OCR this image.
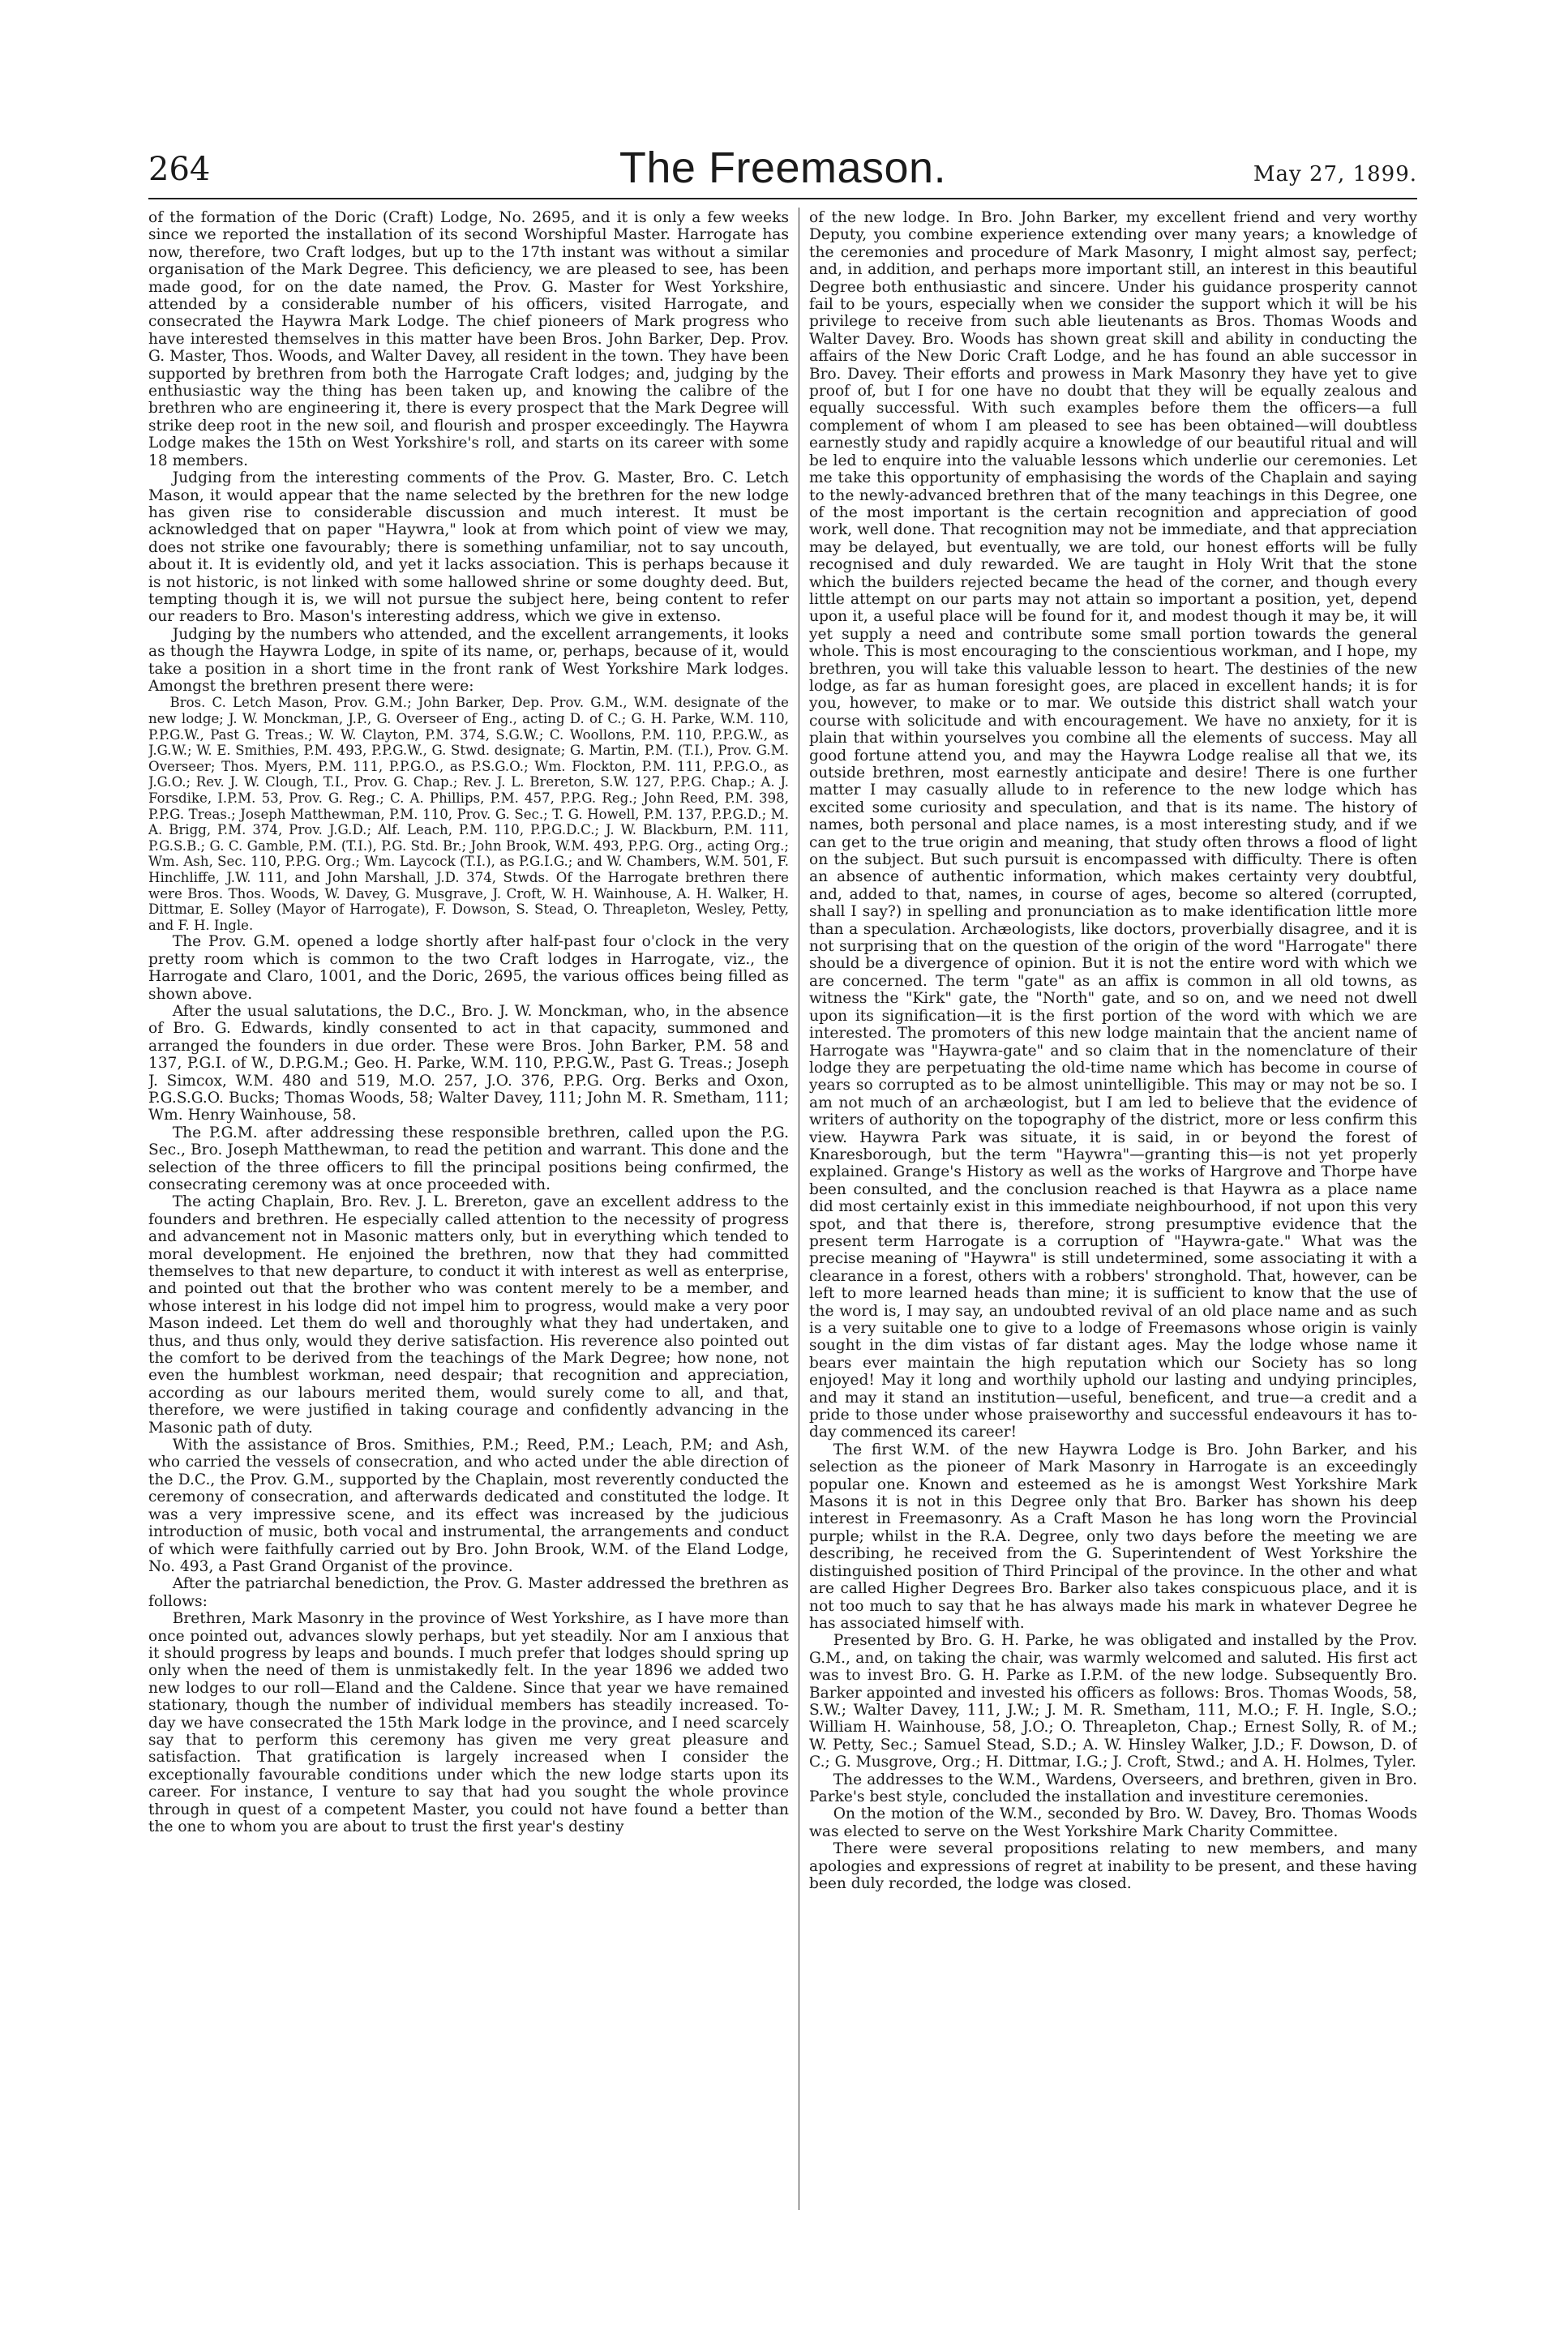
264	The Freemason.	May 27, 1899.

of the formation of the Doric (Craft) Lodge, No. 2695, and it is only a few weeks since we reported the installation of its second Worshipful Master. Harrogate has now, therefore, two Craft lodges, but up to the 17th instant was without a similar organisation of the Mark Degree. This deficiency, we are pleased to see, has been made good, for on the date named, the Prov. G. Master for West Yorkshire, attended by a considerable number of his officers, visited Harrogate, and consecrated the Haywra Mark Lodge. The chief pioneers of Mark progress who have interested themselves in this matter have been Bros. John Barker, Dep. Prov. G. Master, Thos. Woods, and Walter Davey, all resident in the town. They have been supported by brethren from both the Harrogate Craft lodges; and, judging by the enthusiastic way the thing has been taken up, and knowing the calibre of the brethren who are engineering it, there is every prospect that the Mark Degree will strike deep root in the new soil, and flourish and prosper exceedingly. The Haywra Lodge makes the 15th on West Yorkshire's roll, and starts on its career with some 18 members.

Judging from the interesting comments of the Prov. G. Master, Bro. C. Letch Mason, it would appear that the name selected by the brethren for the new lodge has given rise to considerable discussion and much interest. It must be acknowledged that on paper "Haywra," look at from which point of view we may, does not strike one favourably; there is something unfamiliar, not to say uncouth, about it. It is evidently old, and yet it lacks association. This is perhaps because it is not historic, is not linked with some hallowed shrine or some doughty deed. But, tempting though it is, we will not pursue the subject here, being content to refer our readers to Bro. Mason's interesting address, which we give in extenso.

Judging by the numbers who attended, and the excellent arrangements, it looks as though the Haywra Lodge, in spite of its name, or, perhaps, because of it, would take a position in a short time in the front rank of West Yorkshire Mark lodges. Amongst the brethren present there were:

Bros. C. Letch Mason, Prov. G.M.; John Barker, Dep. Prov. G.M., W.M. designate of the new lodge; J. W. Monckman, J.P., G. Overseer of Eng., acting D. of C.; G. H. Parke, W.M. 110, P.P.G.W., Past G. Treas.; W. W. Clayton, P.M. 374, S.G.W.; C. Woollons, P.M. 110, P.P.G.W., as J.G.W.; W. E. Smithies, P.M. 493, P.P.G.W., G. Stwd. designate; G. Martin, P.M. (T.I.), Prov. G.M. Overseer; Thos. Myers, P.M. 111, P.P.G.O., as P.S.G.O.; Wm. Flockton, P.M. 111, P.P.G.O., as J.G.O.; Rev. J. W. Clough, T.I., Prov. G. Chap.; Rev. J. L. Brereton, S.W. 127, P.P.G. Chap.; A. J. Forsdike, I.P.M. 53, Prov. G. Reg.; C. A. Phillips, P.M. 457, P.P.G. Reg.; John Reed, P.M. 398, P.P.G. Treas.; Joseph Matthewman, P.M. 110, Prov. G. Sec.; T. G. Howell, P.M. 137, P.P.G.D.; M. A. Brigg, P.M. 374, Prov. J.G.D.; Alf. Leach, P.M. 110, P.P.G.D.C.; J. W. Blackburn, P.M. 111, P.G.S.B.; G. C. Gamble, P.M. (T.I.), P.G. Std. Br.; John Brook, W.M. 493, P.P.G. Org., acting Org.; Wm. Ash, Sec. 110, P.P.G. Org.; Wm. Laycock (T.I.), as P.G.I.G.; and W. Chambers, W.M. 501, F. Hinchliffe, J.W. 111, and John Marshall, J.D. 374, Stwds. Of the Harrogate brethren there were Bros. Thos. Woods, W. Davey, G. Musgrave, J. Croft, W. H. Wainhouse, A. H. Walker, H. Dittmar, E. Solley (Mayor of Harrogate), F. Dowson, S. Stead, O. Threapleton, Wesley, Petty, and F. H. Ingle.

The Prov. G.M. opened a lodge shortly after half-past four o'clock in the very pretty room which is common to the two Craft lodges in Harrogate, viz., the Harrogate and Claro, 1001, and the Doric, 2695, the various offices being filled as shown above.

After the usual salutations, the D.C., Bro. J. W. Monckman, who, in the absence of Bro. G. Edwards, kindly consented to act in that capacity, summoned and arranged the founders in due order. These were Bros. John Barker, P.M. 58 and 137, P.G.I. of W., D.P.G.M.; Geo. H. Parke, W.M. 110, P.P.G.W., Past G. Treas.; Joseph J. Simcox, W.M. 480 and 519, M.O. 257, J.O. 376, P.P.G. Org. Berks and Oxon, P.G.S.G.O. Bucks; Thomas Woods, 58; Walter Davey, 111; John M. R. Smetham, 111; Wm. Henry Wainhouse, 58.

The P.G.M. after addressing these responsible brethren, called upon the P.G. Sec., Bro. Joseph Matthewman, to read the petition and warrant. This done and the selection of the three officers to fill the principal positions being confirmed, the consecrating ceremony was at once proceeded with.

The acting Chaplain, Bro. Rev. J. L. Brereton, gave an excellent address to the founders and brethren. He especially called attention to the necessity of progress and advancement not in Masonic matters only, but in everything which tended to moral development. He enjoined the brethren, now that they had committed themselves to that new departure, to conduct it with interest as well as enterprise, and pointed out that the brother who was content merely to be a member, and whose interest in his lodge did not impel him to progress, would make a very poor Mason indeed. Let them do well and thoroughly what they had undertaken, and thus, and thus only, would they derive satisfaction. His reverence also pointed out the comfort to be derived from the teachings of the Mark Degree; how none, not even the humblest workman, need despair; that recognition and appreciation, according as our labours merited them, would surely come to all, and that, therefore, we were justified in taking courage and confidently advancing in the Masonic path of duty.

With the assistance of Bros. Smithies, P.M.; Reed, P.M.; Leach, P.M; and Ash, who carried the vessels of consecration, and who acted under the able direction of the D.C., the Prov. G.M., supported by the Chaplain, most reverently conducted the ceremony of consecration, and afterwards dedicated and constituted the lodge. It was a very impressive scene, and its effect was increased by the judicious introduction of music, both vocal and instrumental, the arrangements and conduct of which were faithfully carried out by Bro. John Brook, W.M. of the Eland Lodge, No. 493, a Past Grand Organist of the province.

After the patriarchal benediction, the Prov. G. Master addressed the brethren as follows:

Brethren, Mark Masonry in the province of West Yorkshire, as I have more than once pointed out, advances slowly perhaps, but yet steadily. Nor am I anxious that it should progress by leaps and bounds. I much prefer that lodges should spring up only when the need of them is unmistakedly felt. In the year 1896 we added two new lodges to our roll—Eland and the Caldene. Since that year we have remained stationary, though the number of individual members has steadily increased. To-day we have consecrated the 15th Mark lodge in the province, and I need scarcely say that to perform this ceremony has given me very great pleasure and satisfaction. That gratification is largely increased when I consider the exceptionally favourable conditions under which the new lodge starts upon its career. For instance, I venture to say that had you sought the whole province through in quest of a competent Master, you could not have found a better than the one to whom you are about to trust the first year's destiny

of the new lodge. In Bro. John Barker, my excellent friend and very worthy Deputy, you combine experience extending over many years; a knowledge of the ceremonies and procedure of Mark Masonry, I might almost say, perfect; and, in addition, and perhaps more important still, an interest in this beautiful Degree both enthusiastic and sincere. Under his guidance prosperity cannot fail to be yours, especially when we consider the support which it will be his privilege to receive from such able lieutenants as Bros. Thomas Woods and Walter Davey. Bro. Woods has shown great skill and ability in conducting the affairs of the New Doric Craft Lodge, and he has found an able successor in Bro. Davey. Their efforts and prowess in Mark Masonry they have yet to give proof of, but I for one have no doubt that they will be equally zealous and equally successful. With such examples before them the officers—a full complement of whom I am pleased to see has been obtained—will doubtless earnestly study and rapidly acquire a knowledge of our beautiful ritual and will be led to enquire into the valuable lessons which underlie our ceremonies. Let me take this opportunity of emphasising the words of the Chaplain and saying to the newly-advanced brethren that of the many teachings in this Degree, one of the most important is the certain recognition and appreciation of good work, well done. That recognition may not be immediate, and that appreciation may be delayed, but eventually, we are told, our honest efforts will be fully recognised and duly rewarded. We are taught in Holy Writ that the stone which the builders rejected became the head of the corner, and though every little attempt on our parts may not attain so important a position, yet, depend upon it, a useful place will be found for it, and modest though it may be, it will yet supply a need and contribute some small portion towards the general whole. This is most encouraging to the conscientious workman, and I hope, my brethren, you will take this valuable lesson to heart. The destinies of the new lodge, as far as human foresight goes, are placed in excellent hands; it is for you, however, to make or to mar. We outside this district shall watch your course with solicitude and with encouragement. We have no anxiety, for it is plain that within yourselves you combine all the elements of success. May all good fortune attend you, and may the Haywra Lodge realise all that we, its outside brethren, most earnestly anticipate and desire! There is one further matter I may casually allude to in reference to the new lodge which has excited some curiosity and speculation, and that is its name. The history of names, both personal and place names, is a most interesting study, and if we can get to the true origin and meaning, that study often throws a flood of light on the subject. But such pursuit is encompassed with difficulty. There is often an absence of authentic information, which makes certainty very doubtful, and, added to that, names, in course of ages, become so altered (corrupted, shall I say?) in spelling and pronunciation as to make identification little more than a speculation. Archæologists, like doctors, proverbially disagree, and it is not surprising that on the question of the origin of the word "Harrogate" there should be a divergence of opinion. But it is not the entire word with which we are concerned. The term "gate" as an affix is common in all old towns, as witness the "Kirk" gate, the "North" gate, and so on, and we need not dwell upon its signification—it is the first portion of the word with which we are interested. The promoters of this new lodge maintain that the ancient name of Harrogate was "Haywra-gate" and so claim that in the nomenclature of their lodge they are perpetuating the old-time name which has become in course of years so corrupted as to be almost unintelligible. This may or may not be so. I am not much of an archæologist, but I am led to believe that the evidence of writers of authority on the topography of the district, more or less confirm this view. Haywra Park was situate, it is said, in or beyond the forest of Knaresborough, but the term "Haywra"—granting this—is not yet properly explained. Grange's History as well as the works of Hargrove and Thorpe have been consulted, and the conclusion reached is that Haywra as a place name did most certainly exist in this immediate neighbourhood, if not upon this very spot, and that there is, therefore, strong presumptive evidence that the present term Harrogate is a corruption of "Haywra-gate." What was the precise meaning of "Haywra" is still undetermined, some associating it with a clearance in a forest, others with a robbers' stronghold. That, however, can be left to more learned heads than mine; it is sufficient to know that the use of the word is, I may say, an undoubted revival of an old place name and as such is a very suitable one to give to a lodge of Freemasons whose origin is vainly sought in the dim vistas of far distant ages. May the lodge whose name it bears ever maintain the high reputation which our Society has so long enjoyed! May it long and worthily uphold our lasting and undying principles, and may it stand an institution—useful, beneficent, and true—a credit and a pride to those under whose praiseworthy and successful endeavours it has to-day commenced its career!

The first W.M. of the new Haywra Lodge is Bro. John Barker, and his selection as the pioneer of Mark Masonry in Harrogate is an exceedingly popular one. Known and esteemed as he is amongst West Yorkshire Mark Masons it is not in this Degree only that Bro. Barker has shown his deep interest in Freemasonry. As a Craft Mason he has long worn the Provincial purple; whilst in the R.A. Degree, only two days before the meeting we are describing, he received from the G. Superintendent of West Yorkshire the distinguished position of Third Principal of the province. In the other and what are called Higher Degrees Bro. Barker also takes conspicuous place, and it is not too much to say that he has always made his mark in whatever Degree he has associated himself with.

Presented by Bro. G. H. Parke, he was obligated and installed by the Prov. G.M., and, on taking the chair, was warmly welcomed and saluted. His first act was to invest Bro. G. H. Parke as I.P.M. of the new lodge. Subsequently Bro. Barker appointed and invested his officers as follows: Bros. Thomas Woods, 58, S.W.; Walter Davey, 111, J.W.; J. M. R. Smetham, 111, M.O.; F. H. Ingle, S.O.; William H. Wainhouse, 58, J.O.; O. Threapleton, Chap.; Ernest Solly, R. of M.; W. Petty, Sec.; Samuel Stead, S.D.; A. W. Hinsley Walker, J.D.; F. Dowson, D. of C.; G. Musgrove, Org.; H. Dittmar, I.G.; J. Croft, Stwd.; and A. H. Holmes, Tyler.

The addresses to the W.M., Wardens, Overseers, and brethren, given in Bro. Parke's best style, concluded the installation and investiture ceremonies.

On the motion of the W.M., seconded by Bro. W. Davey, Bro. Thomas Woods was elected to serve on the West Yorkshire Mark Charity Committee.

There were several propositions relating to new members, and many apologies and expressions of regret at inability to be present, and these having been duly recorded, the lodge was closed.
